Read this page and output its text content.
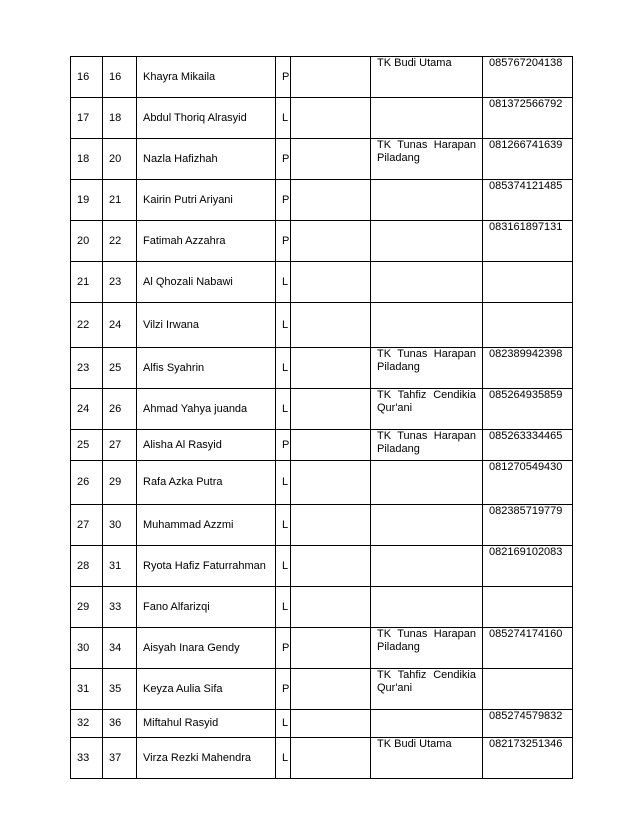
16	16	Khayra Mikaila	P		TK Budi Utama	085767204138
17	18	Abdul Thoriq Alrasyid	L			081372566792
18	20	Nazla Hafizhah	P		TK Tunas Harapan Piladang	081266741639
19	21	Kairin Putri Ariyani	P			085374121485
20	22	Fatimah Azzahra	P			083161897131
21	23	Al Qhozali Nabawi	L			
22	24	Vilzi Irwana	L			
23	25	Alfis Syahrin	L		TK Tunas Harapan Piladang	082389942398
24	26	Ahmad Yahya juanda	L		TK Tahfiz Cendikia Qur'ani	085264935859
25	27	Alisha Al Rasyid	P		TK Tunas Harapan Piladang	085263334465
26	29	Rafa Azka Putra	L			081270549430
27	30	Muhammad Azzmi	L			082385719779
28	31	Ryota Hafiz Faturrahman	L			082169102083
29	33	Fano Alfarizqi	L			
30	34	Aisyah Inara Gendy	P		TK Tunas Harapan Piladang	085274174160
31	35	Keyza Aulia Sifa	P		TK Tahfiz Cendikia Qur'ani	
32	36	Miftahul Rasyid	L			085274579832
33	37	Virza Rezki Mahendra	L		TK Budi Utama	082173251346
